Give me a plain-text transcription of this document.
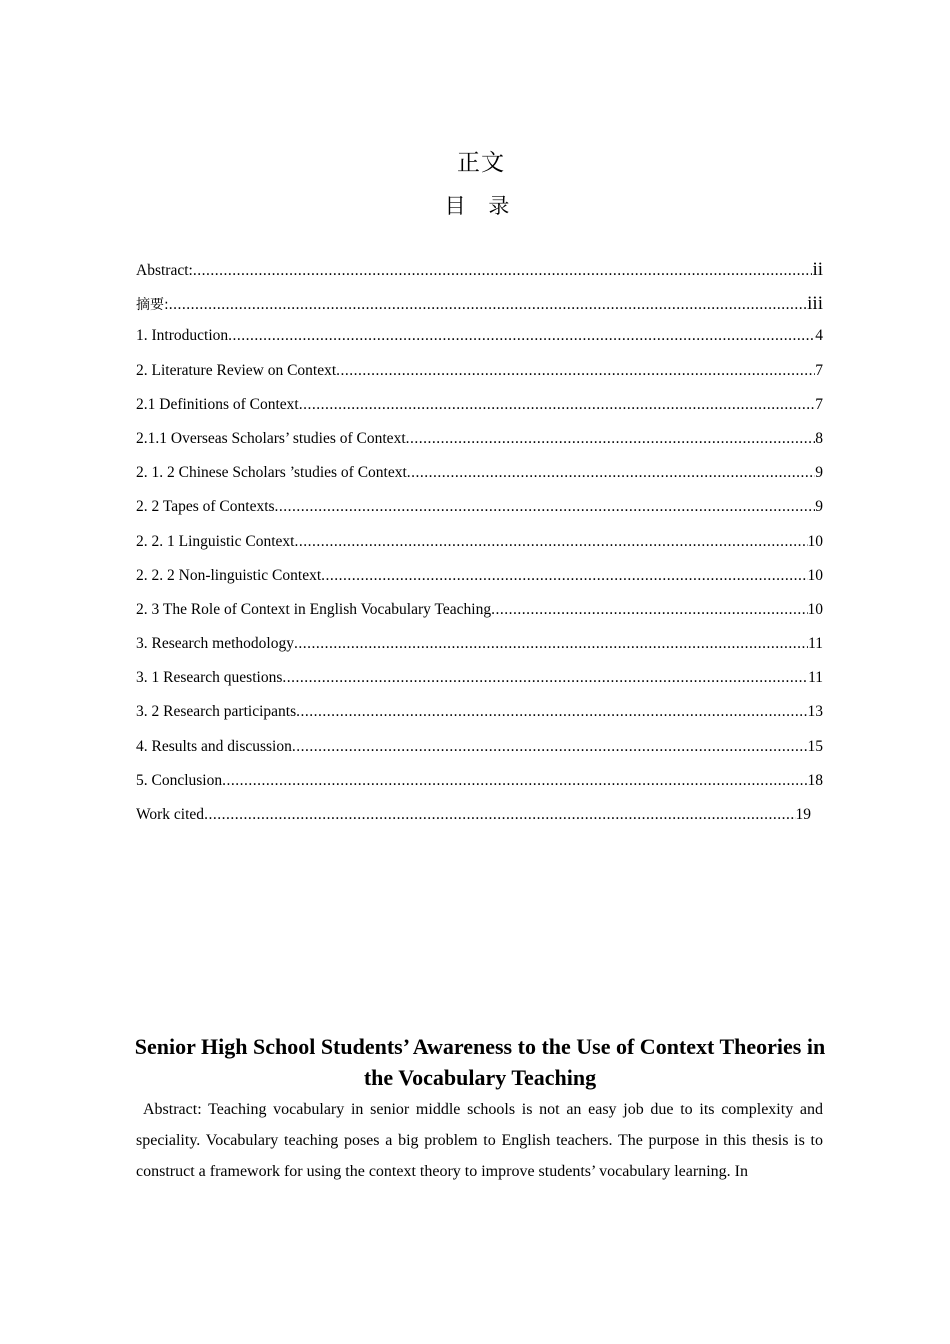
正文
目 录
Abstract: .....	ii
摘要: .....	iii
1. Introduction .....	4
2. Literature Review on Context .....	7
2.1 Definitions of Context .....	7
2.1.1 Overseas Scholars’ studies of Context .....	8
2. 1. 2 Chinese Scholars ’studies of Context .....	9
2. 2 Tapes of Contexts .....	9
2. 2. 1 Linguistic Context .....	10
2. 2. 2 Non-linguistic Context .....	10
2. 3 The Role of Context in English Vocabulary Teaching .....	10
3. Research methodology .....	11
3. 1 Research questions .....	11
3. 2 Research participants .....	13
4. Results and discussion .....	15
5. Conclusion .....	18
Work cited .....	19
Senior High School Students’ Awareness to the Use of Context Theories in the Vocabulary Teaching

Abstract: Teaching vocabulary in senior middle schools is not an easy job due to its complexity and speciality. Vocabulary teaching poses a big problem to English teachers. The purpose in this thesis is to construct a framework for using the context theory to improve students’ vocabulary learning. In
